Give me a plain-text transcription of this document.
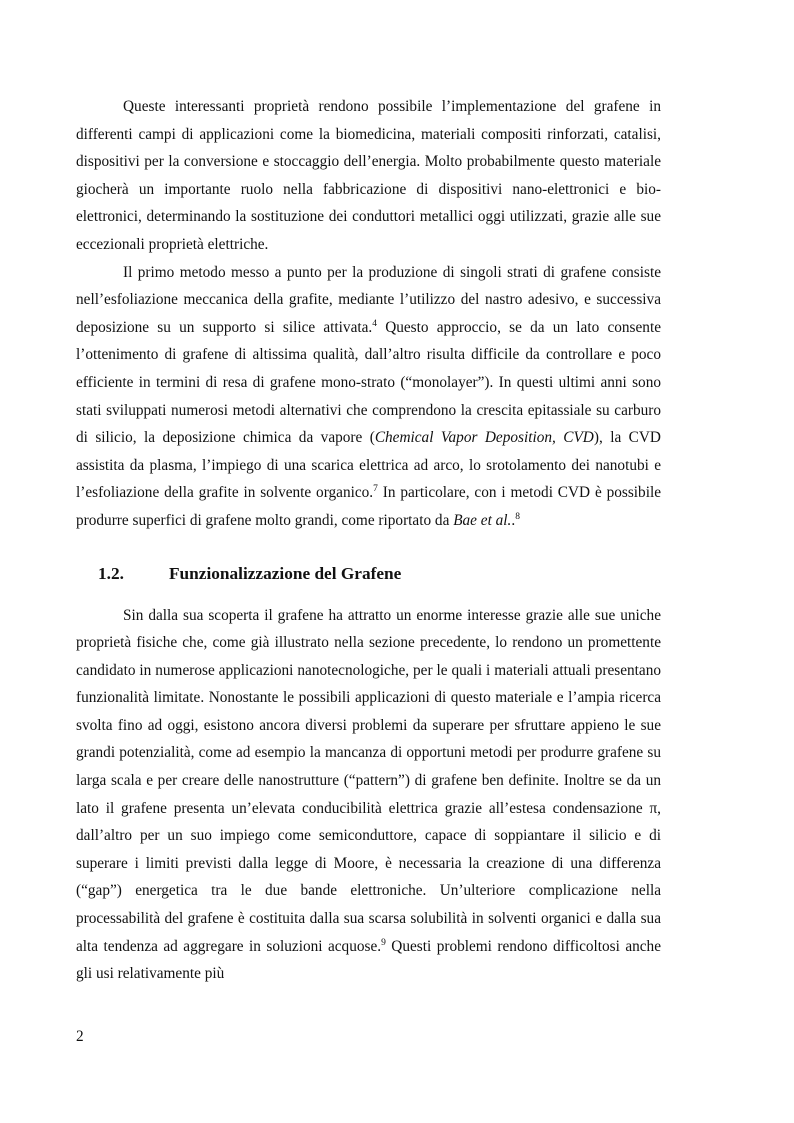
Queste interessanti proprietà rendono possibile l’implementazione del grafene in differenti campi di applicazioni come la biomedicina, materiali compositi rinforzati, catalisi, dispositivi per la conversione e stoccaggio dell’energia. Molto probabilmente questo materiale giocherà un importante ruolo nella fabbricazione di dispositivi nano-elettronici e bio-elettronici, determinando la sostituzione dei conduttori metallici oggi utilizzati, grazie alle sue eccezionali proprietà elettriche.

Il primo metodo messo a punto per la produzione di singoli strati di grafene consiste nell’esfoliazione meccanica della grafite, mediante l’utilizzo del nastro adesivo, e successiva deposizione su un supporto si silice attivata.$^4$ Questo approccio, se da un lato consente l’ottenimento di grafene di altissima qualità, dall’altro risulta difficile da controllare e poco efficiente in termini di resa di grafene mono-strato (“monolayer”). In questi ultimi anni sono stati sviluppati numerosi metodi alternativi che comprendono la crescita epitassiale su carburo di silicio, la deposizione chimica da vapore (Chemical Vapor Deposition, CVD), la CVD assistita da plasma, l’impiego di una scarica elettrica ad arco, lo srotolamento dei nanotubi e l’esfoliazione della grafite in solvente organico.$^7$ In particolare, con i metodi CVD è possibile produrre superfici di grafene molto grandi, come riportato da Bae et al..$^8$

1.2.	Funzionalizzazione del Grafene

Sin dalla sua scoperta il grafene ha attratto un enorme interesse grazie alle sue uniche proprietà fisiche che, come già illustrato nella sezione precedente, lo rendono un promettente candidato in numerose applicazioni nanotecnologiche, per le quali i materiali attuali presentano funzionalità limitate. Nonostante le possibili applicazioni di questo materiale e l’ampia ricerca svolta fino ad oggi, esistono ancora diversi problemi da superare per sfruttare appieno le sue grandi potenzialità, come ad esempio la mancanza di opportuni metodi per produrre grafene su larga scala e per creare delle nanostrutture (“pattern”) di grafene ben definite. Inoltre se da un lato il grafene presenta un’elevata conducibilità elettrica grazie all’estesa condensazione π, dall’altro per un suo impiego come semiconduttore, capace di soppiantare il silicio e di superare i limiti previsti dalla legge di Moore, è necessaria la creazione di una differenza (“gap”) energetica tra le due bande elettroniche. Un’ulteriore complicazione nella processabilità del grafene è costituita dalla sua scarsa solubilità in solventi organici e dalla sua alta tendenza ad aggregare in soluzioni acquose.$^9$ Questi problemi rendono difficoltosi anche gli usi relativamente più

2
